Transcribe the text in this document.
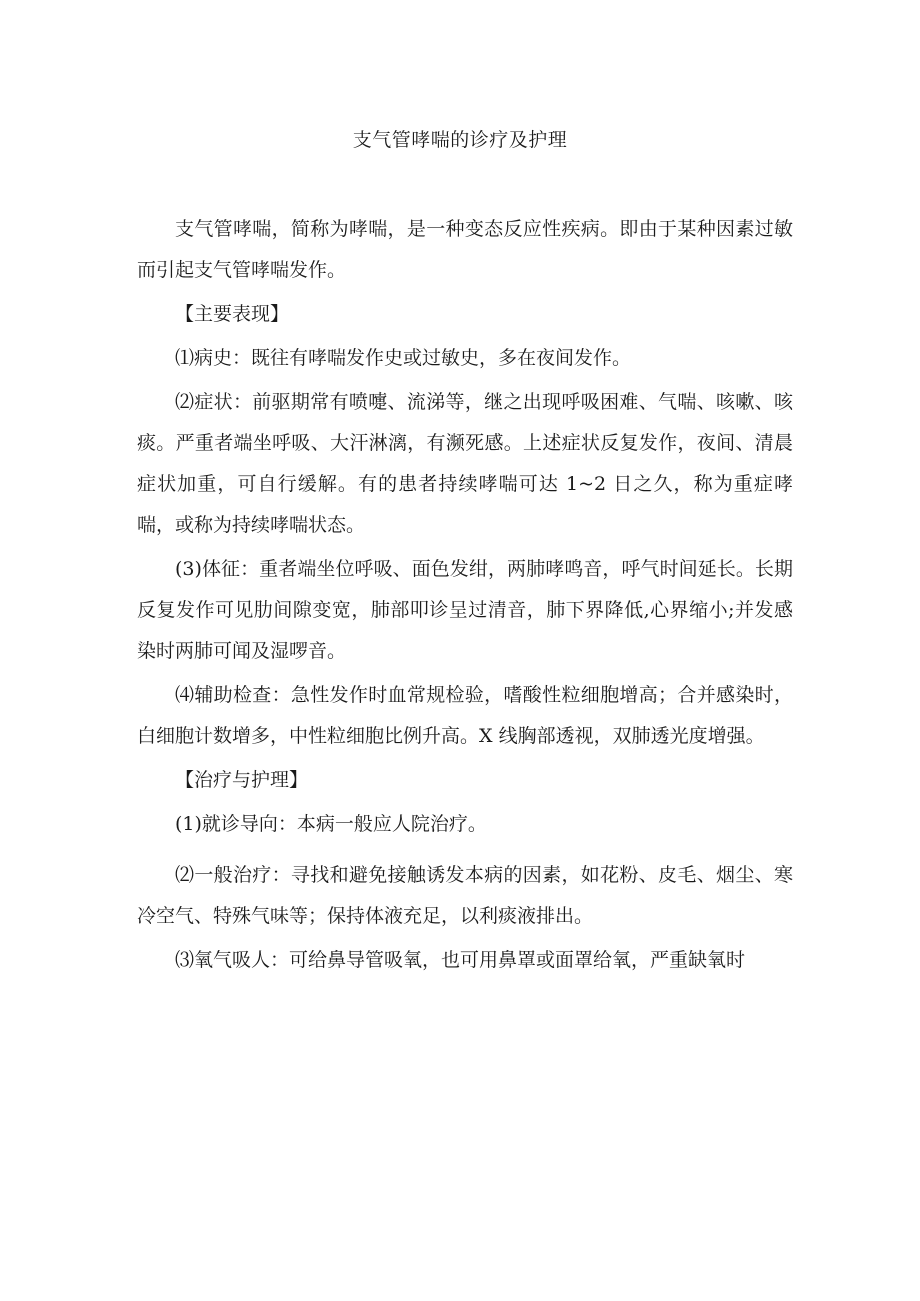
支气管哮喘的诊疗及护理

支气管哮喘，简称为哮喘，是一种变态反应性疾病。即由于某种因素过敏而引起支气管哮喘发作。

【主要表现】

⑴病史：既往有哮喘发作史或过敏史，多在夜间发作。

⑵症状：前驱期常有喷嚏、流涕等，继之出现呼吸困难、气喘、咳嗽、咳痰。严重者端坐呼吸、大汗淋漓，有濒死感。上述症状反复发作，夜间、清晨症状加重，可自行缓解。有的患者持续哮喘可达 1~2 日之久，称为重症哮喘，或称为持续哮喘状态。

(3)体征：重者端坐位呼吸、面色发绀，两肺哮鸣音，呼气时间延长。长期反复发作可见肋间隙变宽，肺部叩诊呈过清音，肺下界降低,心界缩小;并发感染时两肺可闻及湿啰音。

⑷辅助检查：急性发作时血常规检验，嗜酸性粒细胞增高；合并感染时，白细胞计数增多，中性粒细胞比例升高。X 线胸部透视，双肺透光度增强。

【治疗与护理】

(1)就诊导向：本病一般应人院治疗。

⑵一般治疗：寻找和避免接触诱发本病的因素，如花粉、皮毛、烟尘、寒冷空气、特殊气味等；保持体液充足，以利痰液排出。

⑶氧气吸人：可给鼻导管吸氧，也可用鼻罩或面罩给氧，严重缺氧时
